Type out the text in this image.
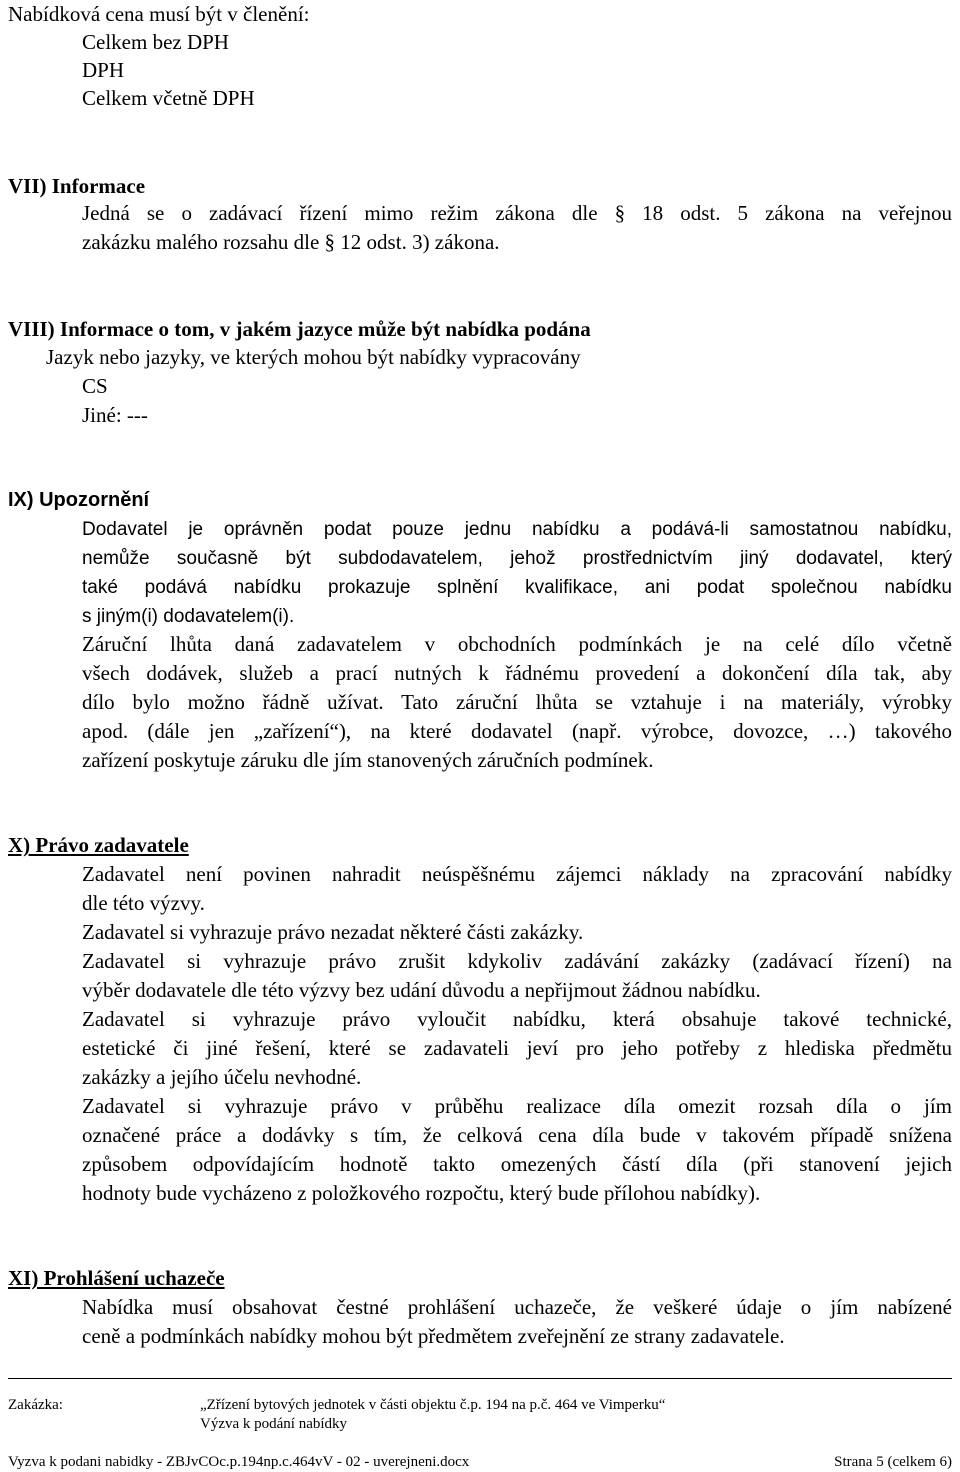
Nabídková cena musí být v členění:
Celkem bez DPH
DPH
Celkem včetně DPH
VII) Informace
Jedná se o zadávací řízení mimo režim zákona dle § 18 odst. 5 zákona na veřejnou
zakázku malého rozsahu dle § 12 odst. 3) zákona.
VIII) Informace o tom, v jakém jazyce může být nabídka podána
Jazyk nebo jazyky, ve kterých mohou být nabídky vypracovány
CS
Jiné: ---
IX) Upozornění
Dodavatel je oprávněn podat pouze jednu nabídku a podává-li samostatnou nabídku,
nemůže současně být subdodavatelem, jehož prostřednictvím jiný dodavatel, který
také podává nabídku prokazuje splnění kvalifikace, ani podat společnou nabídku
s jiným(i) dodavatelem(i).
Záruční lhůta daná zadavatelem v obchodních podmínkách je na celé dílo včetně
všech dodávek, služeb a prací nutných k řádnému provedení a dokončení díla tak, aby
dílo bylo možno řádně užívat. Tato záruční lhůta se vztahuje i na materiály, výrobky
apod. (dále jen „zařízení“), na které dodavatel (např. výrobce, dovozce, …) takového
zařízení poskytuje záruku dle jím stanovených záručních podmínek.
X) Právo zadavatele
Zadavatel není povinen nahradit neúspěšnému zájemci náklady na zpracování nabídky
dle této výzvy.
Zadavatel si vyhrazuje právo nezadat některé části zakázky.
Zadavatel si vyhrazuje právo zrušit kdykoliv zadávání zakázky (zadávací řízení) na
výběr dodavatele dle této výzvy bez udání důvodu a nepřijmout žádnou nabídku.
Zadavatel si vyhrazuje právo vyloučit nabídku, která obsahuje takové technické,
estetické či jiné řešení, které se zadavateli jeví pro jeho potřeby z hlediska předmětu
zakázky a jejího účelu nevhodné.
Zadavatel si vyhrazuje právo v průběhu realizace díla omezit rozsah díla o jím
označené práce a dodávky s tím, že celková cena díla bude v takovém případě snížena
způsobem odpovídajícím hodnotě takto omezených částí díla (při stanovení jejich
hodnoty bude vycházeno z položkového rozpočtu, který bude přílohou nabídky).
XI) Prohlášení uchazeče
Nabídka musí obsahovat čestné prohlášení uchazeče, že veškeré údaje o jím nabízené
ceně a podmínkách nabídky mohou být předmětem zveřejnění ze strany zadavatele.
Zakázka:	„Zřízení bytových jednotek v části objektu č.p. 194 na p.č. 464 ve Vimperku“
Výzva k podání nabídky
Vyzva k podani nabidky - ZBJvCOc.p.194np.c.464vV - 02 - uverejneni.docx	Strana 5 (celkem 6)
